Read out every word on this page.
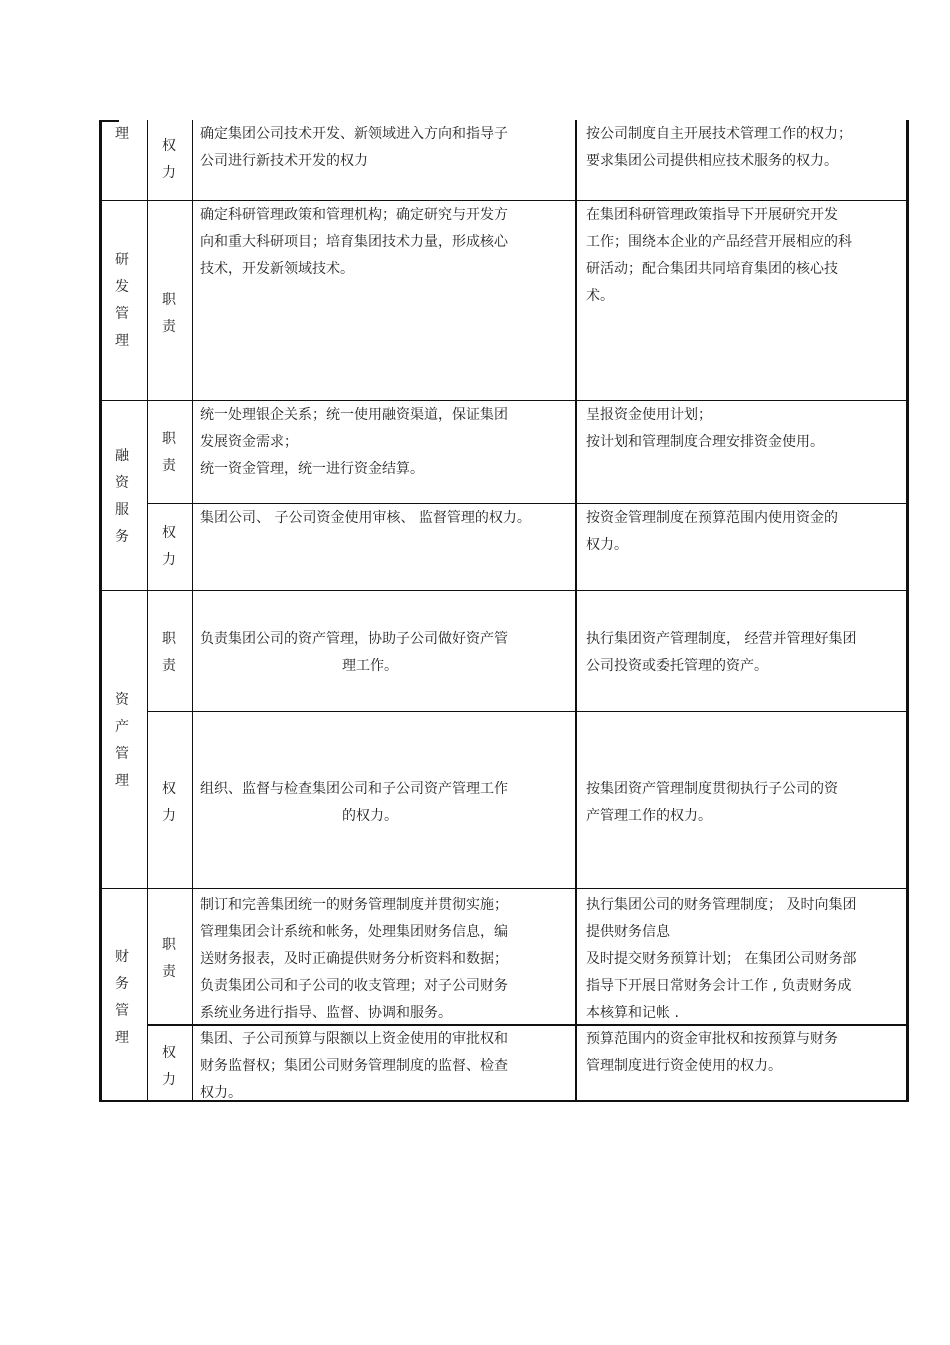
理
权
力
确定集团公司技术开发、新领域进入方向和指导子
公司进行新技术开发的权力
按公司制度自主开展技术管理工作的权力；
要求集团公司提供相应技术服务的权力。
研
发
管
理
职
责
确定科研管理政策和管理机构；确定研究与开发方
向和重大科研项目；培育集团技术力量，形成核心
技术，开发新领域技术。
在集团科研管理政策指导下开展研究开发
工作；围绕本企业的产品经营开展相应的科
研活动；配合集团共同培育集团的核心技
术。
融
资
服
务
职
责
统一处理银企关系；统一使用融资渠道，保证集团
发展资金需求；
统一资金管理，统一进行资金结算。
呈报资金使用计划；
按计划和管理制度合理安排资金使用。
权
力
集团公司、 子公司资金使用审核、 监督管理的权力。	按资金管理制度在预算范围内使用资金的
权力。
资
产
管
理
职
责
负责集团公司的资产管理，协助子公司做好资产管
理工作。
执行集团资产管理制度， 经营并管理好集团
公司投资或委托管理的资产。
权
力
组织、监督与检查集团公司和子公司资产管理工作
的权力。
按集团资产管理制度贯彻执行子公司的资
产管理工作的权力。
财
务
管
理
职
责
制订和完善集团统一的财务管理制度并贯彻实施；
管理集团会计系统和帐务，处理集团财务信息，编
送财务报表，及时正确提供财务分析资料和数据；
负责集团公司和子公司的收支管理；对子公司财务
系统业务进行指导、监督、协调和服务。
执行集团公司的财务管理制度； 及时向集团
提供财务信息
及时提交财务预算计划； 在集团公司财务部
指导下开展日常财务会计工作 , 负责财务成
本核算和记帐 .
权
力
集团、子公司预算与限额以上资金使用的审批权和
财务监督权；集团公司财务管理制度的监督、检查
权力。
预算范围内的资金审批权和按预算与财务
管理制度进行资金使用的权力。
